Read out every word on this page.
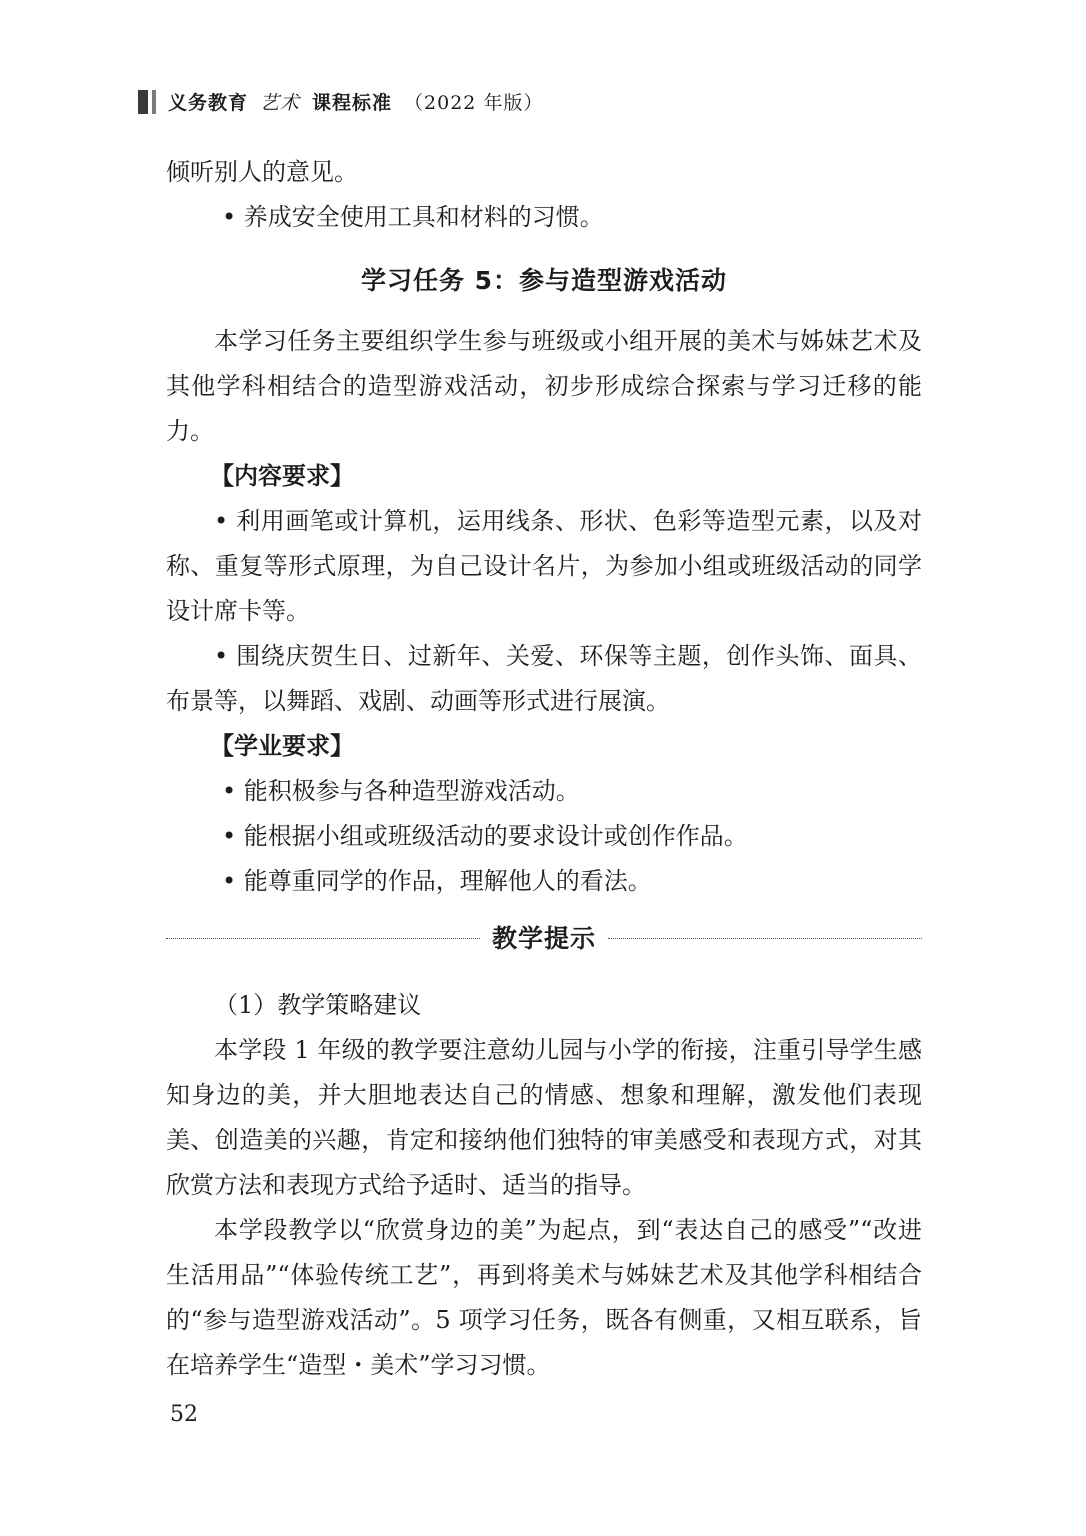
义务教育 艺术 课程标准 （2022 年版）

倾听别人的意见。

• 养成安全使用工具和材料的习惯。

学习任务 5：参与造型游戏活动

本学习任务主要组织学生参与班级或小组开展的美术与姊妹艺术及其他学科相结合的造型游戏活动，初步形成综合探索与学习迁移的能力。

【内容要求】

• 利用画笔或计算机，运用线条、形状、色彩等造型元素，以及对称、重复等形式原理，为自己设计名片，为参加小组或班级活动的同学设计席卡等。

• 围绕庆贺生日、过新年、关爱、环保等主题，创作头饰、面具、布景等，以舞蹈、戏剧、动画等形式进行展演。

【学业要求】

• 能积极参与各种造型游戏活动。

• 能根据小组或班级活动的要求设计或创作作品。

• 能尊重同学的作品，理解他人的看法。

教学提示

（1）教学策略建议

本学段 1 年级的教学要注意幼儿园与小学的衔接，注重引导学生感知身边的美，并大胆地表达自己的情感、想象和理解，激发他们表现美、创造美的兴趣，肯定和接纳他们独特的审美感受和表现方式，对其欣赏方法和表现方式给予适时、适当的指导。

本学段教学以“欣赏身边的美”为起点，到“表达自己的感受”“改进生活用品”“体验传统工艺”，再到将美术与姊妹艺术及其他学科相结合的“参与造型游戏活动”。5 项学习任务，既各有侧重，又相互联系，旨在培养学生“造型・美术”学习习惯。

52
